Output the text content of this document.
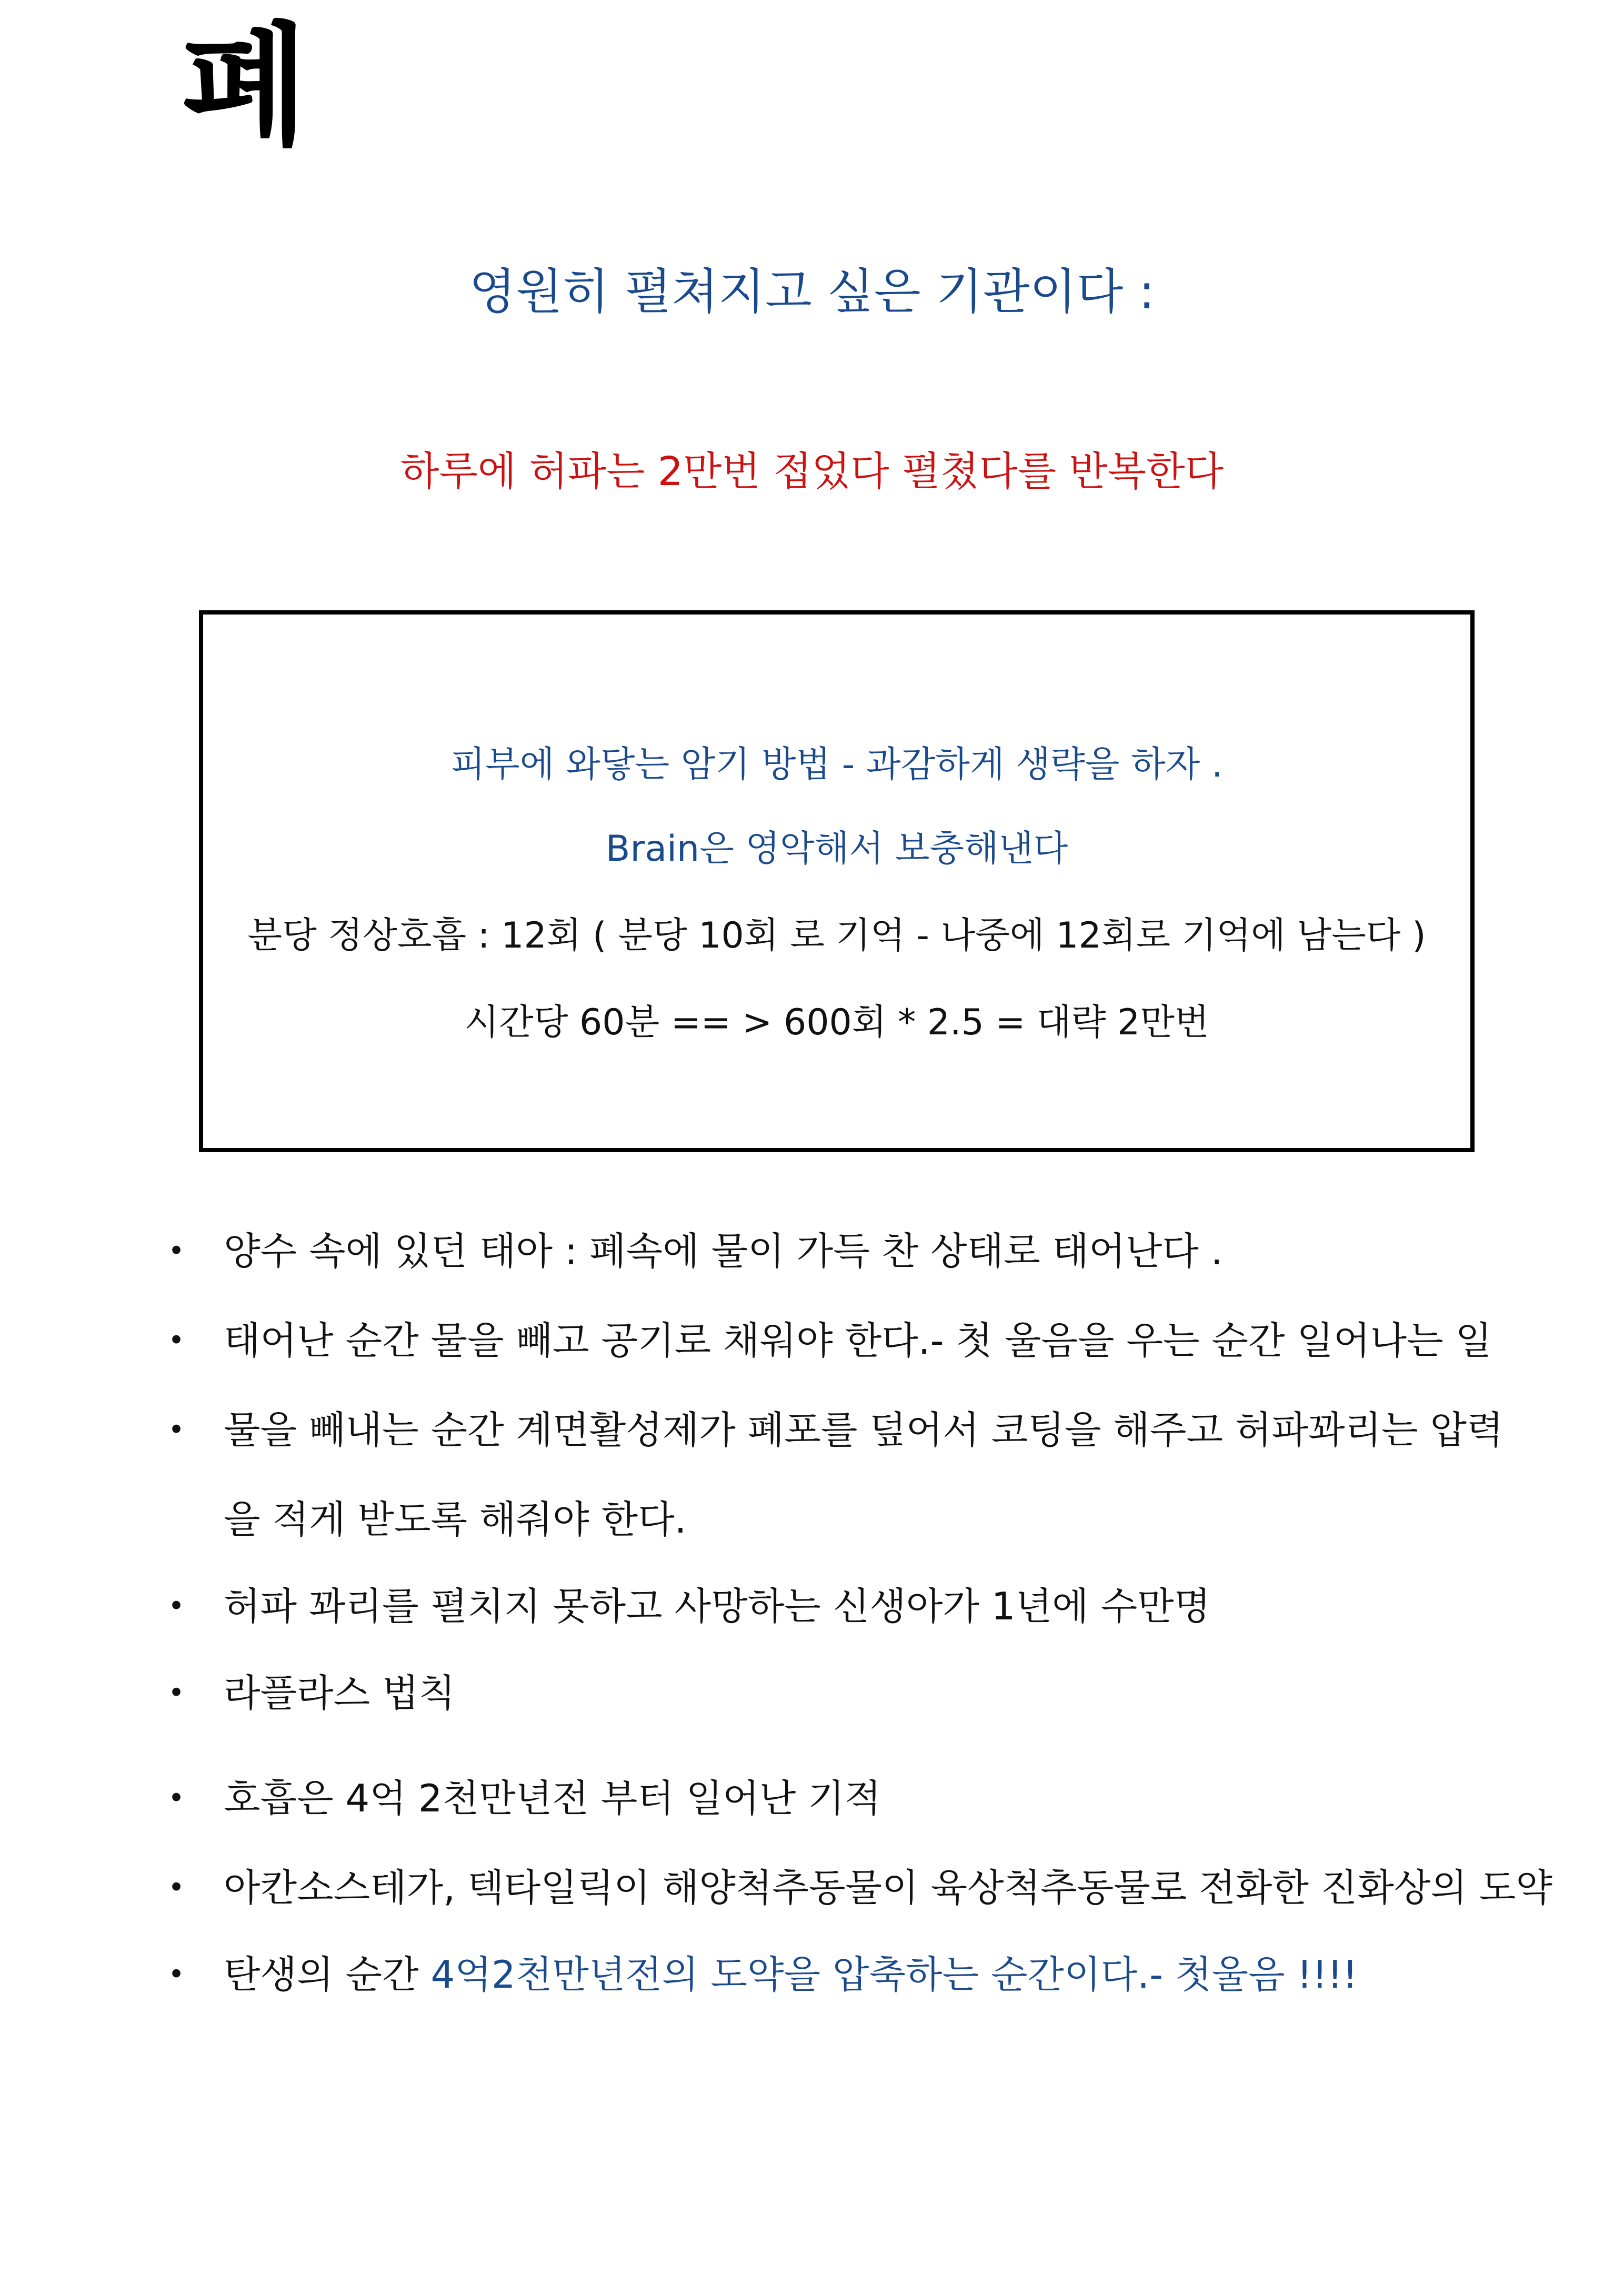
폐
영원히 펼쳐지고 싶은 기관이다 :
하루에 허파는 2만번 접었다 펼쳤다를 반복한다
피부에 와닿는 암기 방법 - 과감하게 생략을 하자 .
Brain은 영악해서 보충해낸다
분당 정상호흡 : 12회 ( 분당 10회 로 기억 - 나중에 12회로 기억에 남는다 )
시간당 60분 == > 600회 * 2.5 = 대략 2만번
• 양수 속에 있던 태아 : 폐속에 물이 가득 찬 상태로 태어난다 .
• 태어난 순간 물을 빼고 공기로 채워야 한다.- 첫 울음을 우는 순간 일어나는 일
• 물을 빼내는 순간 계면활성제가 폐포를 덮어서 코팅을 해주고 허파꽈리는 압력
을 적게 받도록 해줘야 한다.
• 허파 꽈리를 펼치지 못하고 사망하는 신생아가 1년에 수만명
• 라플라스 법칙
• 호흡은 4억 2천만년전 부터 일어난 기적
• 아칸소스테가, 텍타일릭이 해양척추동물이 육상척추동물로 전화한 진화상의 도약
• 탄생의 순간 4억2천만년전의 도약을 압축하는 순간이다.- 첫울음 !!!!
